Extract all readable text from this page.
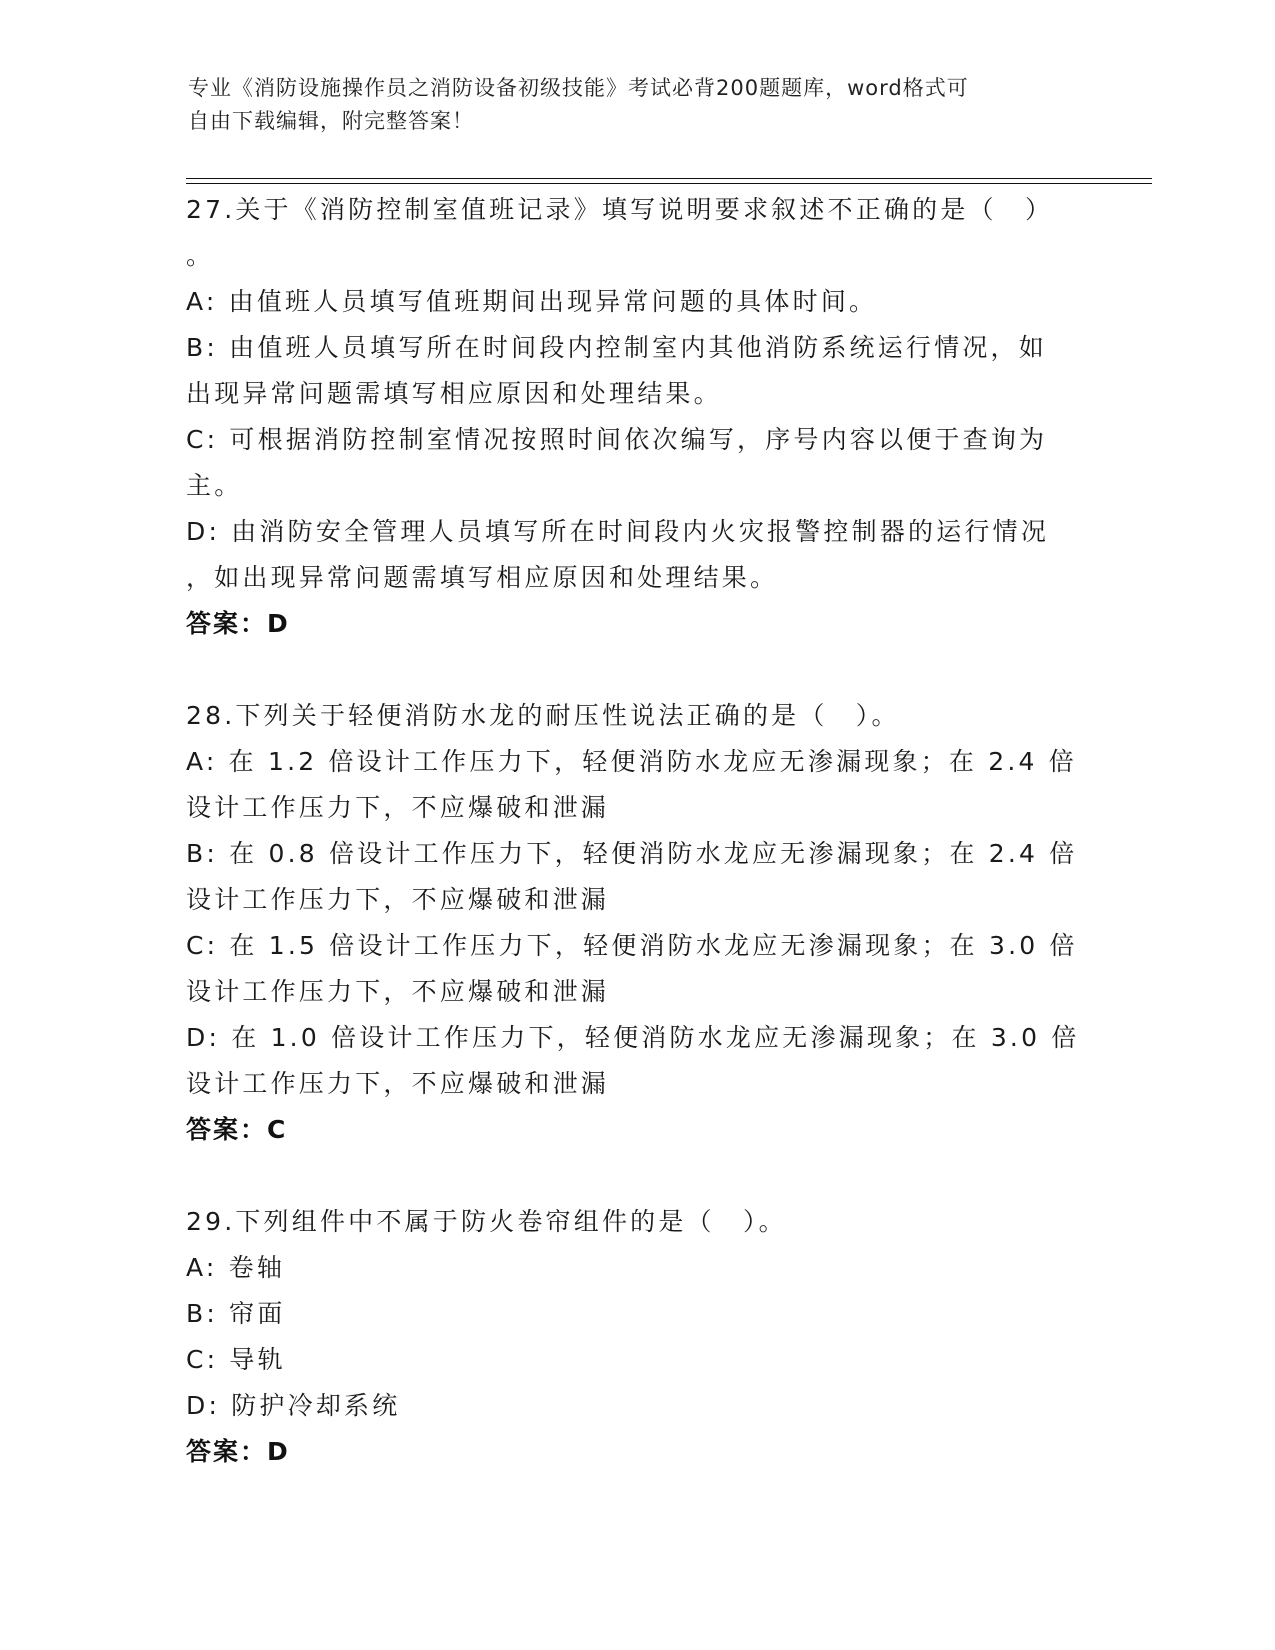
专业《消防设施操作员之消防设备初级技能》考试必背200题题库，word格式可
自由下载编辑，附完整答案！
27.关于《消防控制室值班记录》填写说明要求叙述不正确的是（　）
。
A: 由值班人员填写值班期间出现异常问题的具体时间。
B: 由值班人员填写所在时间段内控制室内其他消防系统运行情况，如
出现异常问题需填写相应原因和处理结果。
C: 可根据消防控制室情况按照时间依次编写，序号内容以便于查询为
主。
D: 由消防安全管理人员填写所在时间段内火灾报警控制器的运行情况
，如出现异常问题需填写相应原因和处理结果。
答案：D
28.下列关于轻便消防水龙的耐压性说法正确的是（　）。
A: 在 1.2 倍设计工作压力下，轻便消防水龙应无渗漏现象；在 2.4 倍
设计工作压力下，不应爆破和泄漏
B: 在 0.8 倍设计工作压力下，轻便消防水龙应无渗漏现象；在 2.4 倍
设计工作压力下，不应爆破和泄漏
C: 在 1.5 倍设计工作压力下，轻便消防水龙应无渗漏现象；在 3.0 倍
设计工作压力下，不应爆破和泄漏
D: 在 1.0 倍设计工作压力下，轻便消防水龙应无渗漏现象；在 3.0 倍
设计工作压力下，不应爆破和泄漏
答案：C
29.下列组件中不属于防火卷帘组件的是（　）。
A: 卷轴
B: 帘面
C: 导轨
D: 防护冷却系统
答案：D
